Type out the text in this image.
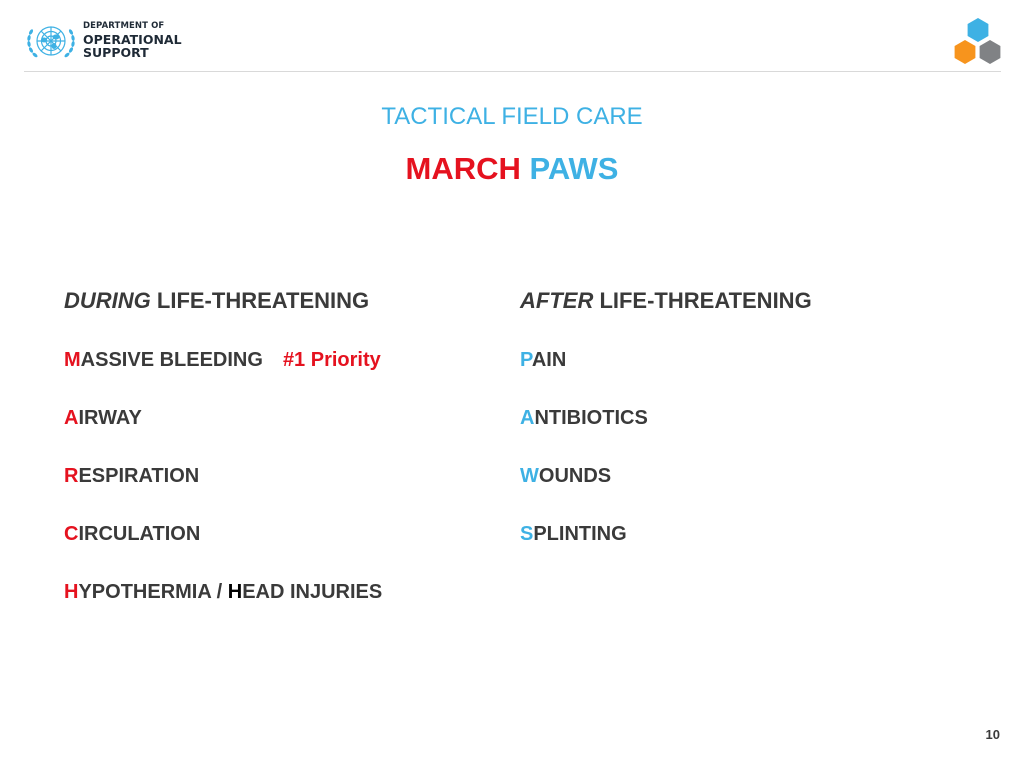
DEPARTMENT OF
OPERATIONAL
SUPPORT
TACTICAL FIELD CARE
MARCH PAWS
DURING LIFE-THREATENING
MASSIVE BLEEDING #1 Priority
AIRWAY
RESPIRATION
CIRCULATION
HYPOTHERMIA / HEAD INJURIES
AFTER LIFE-THREATENING
PAIN
ANTIBIOTICS
WOUNDS
SPLINTING
10
